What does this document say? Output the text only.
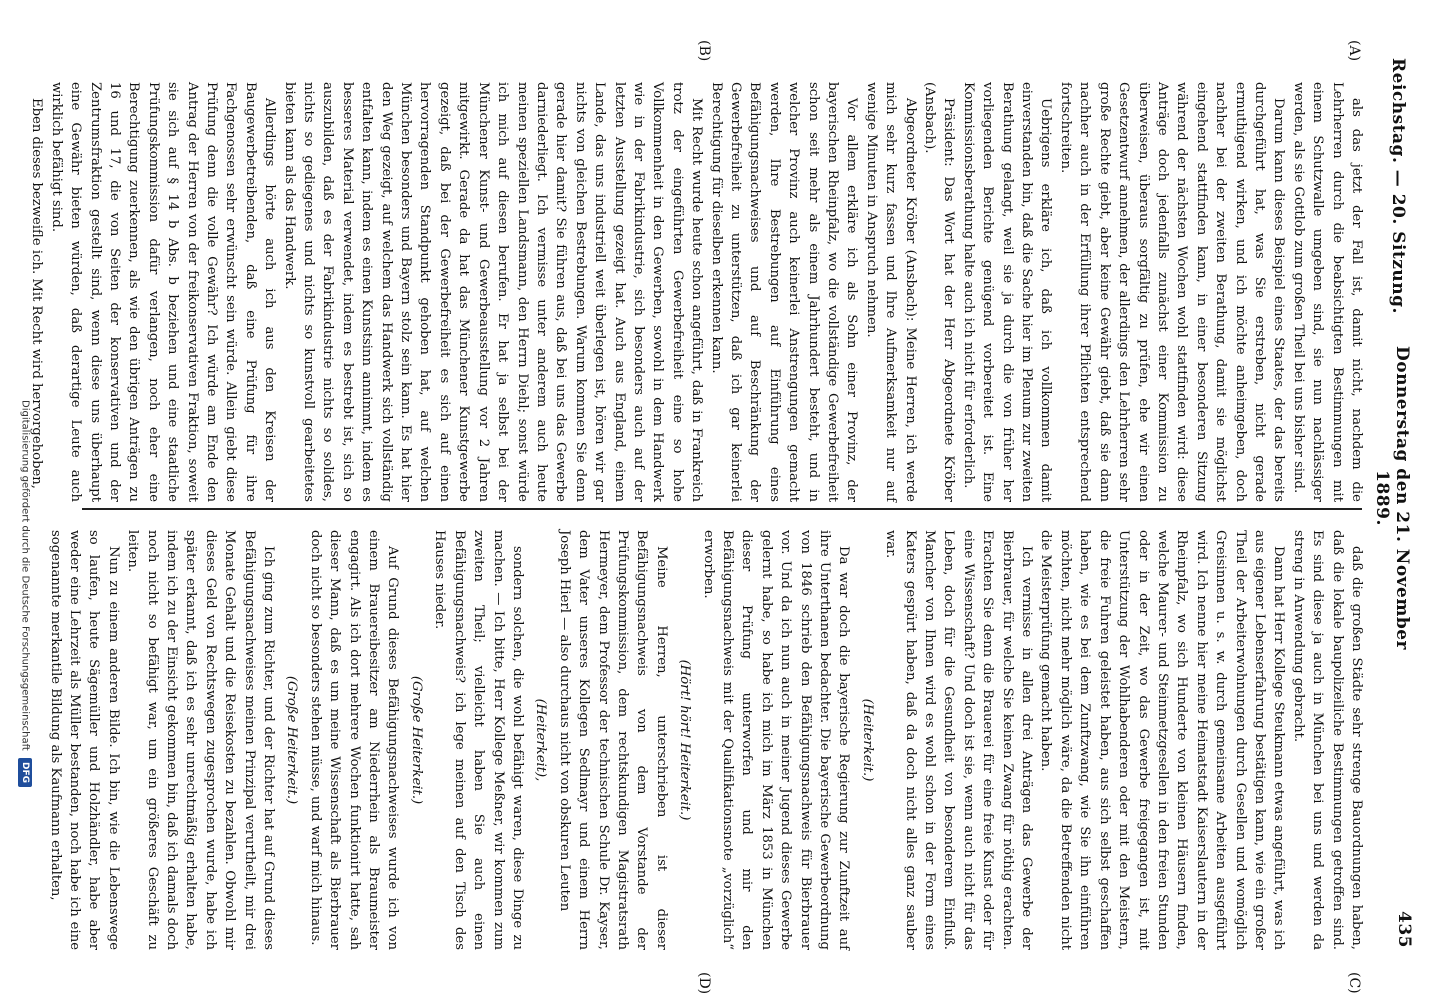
Reichstag. — 20. Sitzung.
Donnerstag den 21. November 1889.
435
(A)
(B)
(C)
(D)

als das jetzt der Fall ist, damit nicht, nachdem die Lehrherren durch die beabsichtigten Bestimmungen mit einem Schutzwalle umgeben sind, sie nun nachlässiger werden, als sie Gottlob zum großen Theil bei uns bisher sind.

Darum kann dieses Beispiel eines Staates, der das bereits durchgeführt hat, was Sie erstreben, nicht gerade ermuthigend wirken, und ich möchte anheimgeben, doch nachher bei der zweiten Berathung, damit sie möglichst eingehend stattfinden kann, in einer besonderen Sitzung während der nächsten Wochen wohl stattfinden wird: diese Anträge doch jedenfalls zunächst einer Kommission zu überweisen, überaus sorgfältig zu prüfen, ehe wir einen Gesetzentwurf annehmen, der allerdings den Lehrherren sehr große Rechte giebt, aber keine Gewähr giebt, daß sie dann nachher auch in der Erfüllung ihrer Pflichten entsprechend fortschreiten.

Uebrigens erkläre ich, daß ich vollkommen damit einverstanden bin, daß die Sache hier im Plenum zur zweiten Berathung gelangt, weil sie ja durch die von früher her vorliegenden Berichte genügend vorbereitet ist. Eine Kommissionsberathung halte auch ich nicht für erforderlich.

Präsident: Das Wort hat der Herr Abgeordnete Kröber (Ansbach).

Abgeordneter Kröber (Ansbach): Meine Herren, ich werde mich sehr kurz fassen und Ihre Aufmerksamkeit nur auf wenige Minuten in Anspruch nehmen.

Vor allem erkläre ich als Sohn einer Provinz, der bayerischen Rheinpfalz, wo die vollständige Gewerbefreiheit schon seit mehr als einem Jahrhundert besteht, und in welcher Provinz auch keinerlei Anstrengungen gemacht werden, Ihre Bestrebungen auf Einführung eines Befähigungsnachweises und auf Beschränkung der Gewerbefreiheit zu unterstützen, daß ich gar keinerlei Berechtigung für dieselben erkennen kann.

Mit Recht wurde heute schon angeführt, daß in Frankreich trotz der eingeführten Gewerbefreiheit eine so hohe Vollkommenheit in den Gewerben, sowohl in dem Handwerk wie in der Fabrikindustrie, sich besonders auch auf der letzten Ausstellung gezeigt hat. Auch aus England, einem Lande, das uns industriell weit überlegen ist, hören wir gar nichts von gleichen Bestrebungen. Warum kommen Sie denn gerade hier damit? Sie führen aus, daß bei uns das Gewerbe darniederliegt. Ich vermisse unter anderem auch heute meinen speziellen Landsmann, den Herrn Diehl; sonst würde ich mich auf diesen berufen. Er hat ja selbst bei der Münchener Kunst- und Gewerbeausstellung vor 2 Jahren mitgewirkt. Gerade da hat das Münchener Kunstgewerbe gezeigt, daß bei der Gewerbefreiheit es sich auf einen hervorragenden Standpunkt gehoben hat, auf welchen München besonders und Bayern stolz sein kann. Es hat hier den Weg gezeigt, auf welchem das Handwerk sich vollständig entfalten kann, indem es einen Kunstsinn annimmt, indem es besseres Material verwendet, indem es bestrebt ist, sich so auszubilden, daß es der Fabrikindustrie nichts so solides, nichts so gediegenes und nichts so kunstvoll gearbeitetes bieten kann als das Handwerk.

Allerdings hörte auch ich aus den Kreisen der Baugewerbetreibenden, daß eine Prüfung für ihre Fachgenossen sehr erwünscht sein würde. Allein giebt diese Prüfung denn die volle Gewähr? Ich würde am Ende den Antrag der Herren von der freikonservativen Fraktion, soweit sie sich auf § 14 b Abs. b beziehen und eine staatliche Prüfungskommission dafür verlangen, noch eher eine Berechtigung zuerkennen, als wie den übrigen Anträgen zu 16 und 17, die von Seiten der konservativen und der Zentrumsfraktion gestellt sind, wenn diese uns überhaupt eine Gewähr bieten würden, daß derartige Leute auch wirklich befähigt sind.

Eben dieses bezweifle ich. Mit Recht wird hervorgehoben,

daß die großen Städte sehr strenge Bauordnungen haben, daß die lokale baupolizeiliche Bestimmungen getroffen sind. Es sind diese ja auch in München bei uns und werden da streng in Anwendung gebracht.

Dann hat Herr Kollege Steukmann etwas angeführt, was ich aus eigener Lebenserfahrung bestätigen kann, wie ein großer Theil der Arbeiterwohnungen durch Gesellen und womöglich Greisinnen u. s. w. durch gemeinsame Arbeiten ausgeführt wird. Ich nenne hier meine Heimatstadt Kaiserslautern in der Rheinpfalz, wo sich Hunderte von kleinen Häusern finden, welche Maurer- und Steinmetzgesellen in den freien Stunden oder in der Zeit, wo das Gewerbe freigegangen ist, mit Unterstützung der Wohlhabenderen oder mit den Meistern, die freie Fuhren geleistet haben, aus sich selbst geschaffen haben, wie es bei dem Zunftzwang, wie Sie ihn einführen möchten, nicht mehr möglich wäre, da die Betreffenden nicht die Meisterprüfung gemacht haben.

Ich vermisse in allen drei Anträgen das Gewerbe der Bierbrauer, für welche Sie keinen Zwang für nöthig erachten. Erachten Sie denn die Brauerei für eine freie Kunst oder für eine Wissenschaft? Und doch ist sie, wenn auch nicht für das Leben, doch für die Gesundheit von besonderem Einfluß. Mancher von Ihnen wird es wohl schon in der Form eines Katers gespürt haben, daß da doch nicht alles ganz sauber war.

(Heiterkeit.)

Da war doch die bayerische Regierung zur Zunftzeit auf ihre Unterthanen bedachter. Die bayerische Gewerbeordnung von 1846 schrieb den Befähigungsnachweis für Bierbrauer vor. Und da ich nun auch in meiner Jugend dieses Gewerbe gelernt habe, so habe ich mich im März 1853 in München dieser Prüfung unterworfen und mir den Befähigungsnachweis mit der Qualifikationsnote „vorzüglich“ erworben.

(Hört! hört! Heiterkeit.)

Meine Herren, unterschrieben ist dieser Befähigungsnachweis von dem Vorstande der Prüfungskommission, dem rechtskundigen Magistratsrath Hermeyer, dem Professor der technischen Schule Dr. Kayser, dem Vater unseres Kollegen Sedlmayr und einem Herrn Joseph Hierl — also durchaus nicht von obskuren Leuten

(Heiterkeit),

sondern solchen, die wohl befähigt waren, diese Dinge zu machen. — Ich bitte, Herr Kollege Meßner, wir kommen zum zweiten Theil; vielleicht haben Sie auch einen Befähigungsnachweis? ich lege meinen auf den Tisch des Hauses nieder.

(Große Heiterkeit.)

Auf Grund dieses Befähigungsnachweises wurde ich von einem Brauereibesitzer am Niederrhein als Braumeister engagirt. Als ich dort mehrere Wochen funktionirt hatte, sah dieser Mann, daß es um meine Wissenschaft als Bierbrauer doch nicht so besonders stehen müsse, und warf mich hinaus.

(Große Heiterkeit.)

Ich ging zum Richter, und der Richter hat auf Grund dieses Befähigungsnachweises meinen Prinzipal verurtheilt, mir drei Monate Gehalt und die Reisekosten zu bezahlen. Obwohl mir dieses Geld von Rechtswegen zugesprochen wurde, habe ich später erkannt, daß ich es sehr unrechtmäßig erhalten habe, indem ich zu der Einsicht gekommen bin, daß ich damals doch noch nicht so befähigt war, um ein größeres Geschäft zu leiten.

Nun zu einem anderen Bilde. Ich bin, wie die Lebenswege so laufen, heute Sägemüller und Holzhändler, habe aber weder eine Lehrzeit als Müller bestanden, noch habe ich eine sogenannte merkantile Bildung als Kaufmann erhalten,

Digitalisierung gefördert durch die Deutsche Forschungsgemeinschaft DFG
